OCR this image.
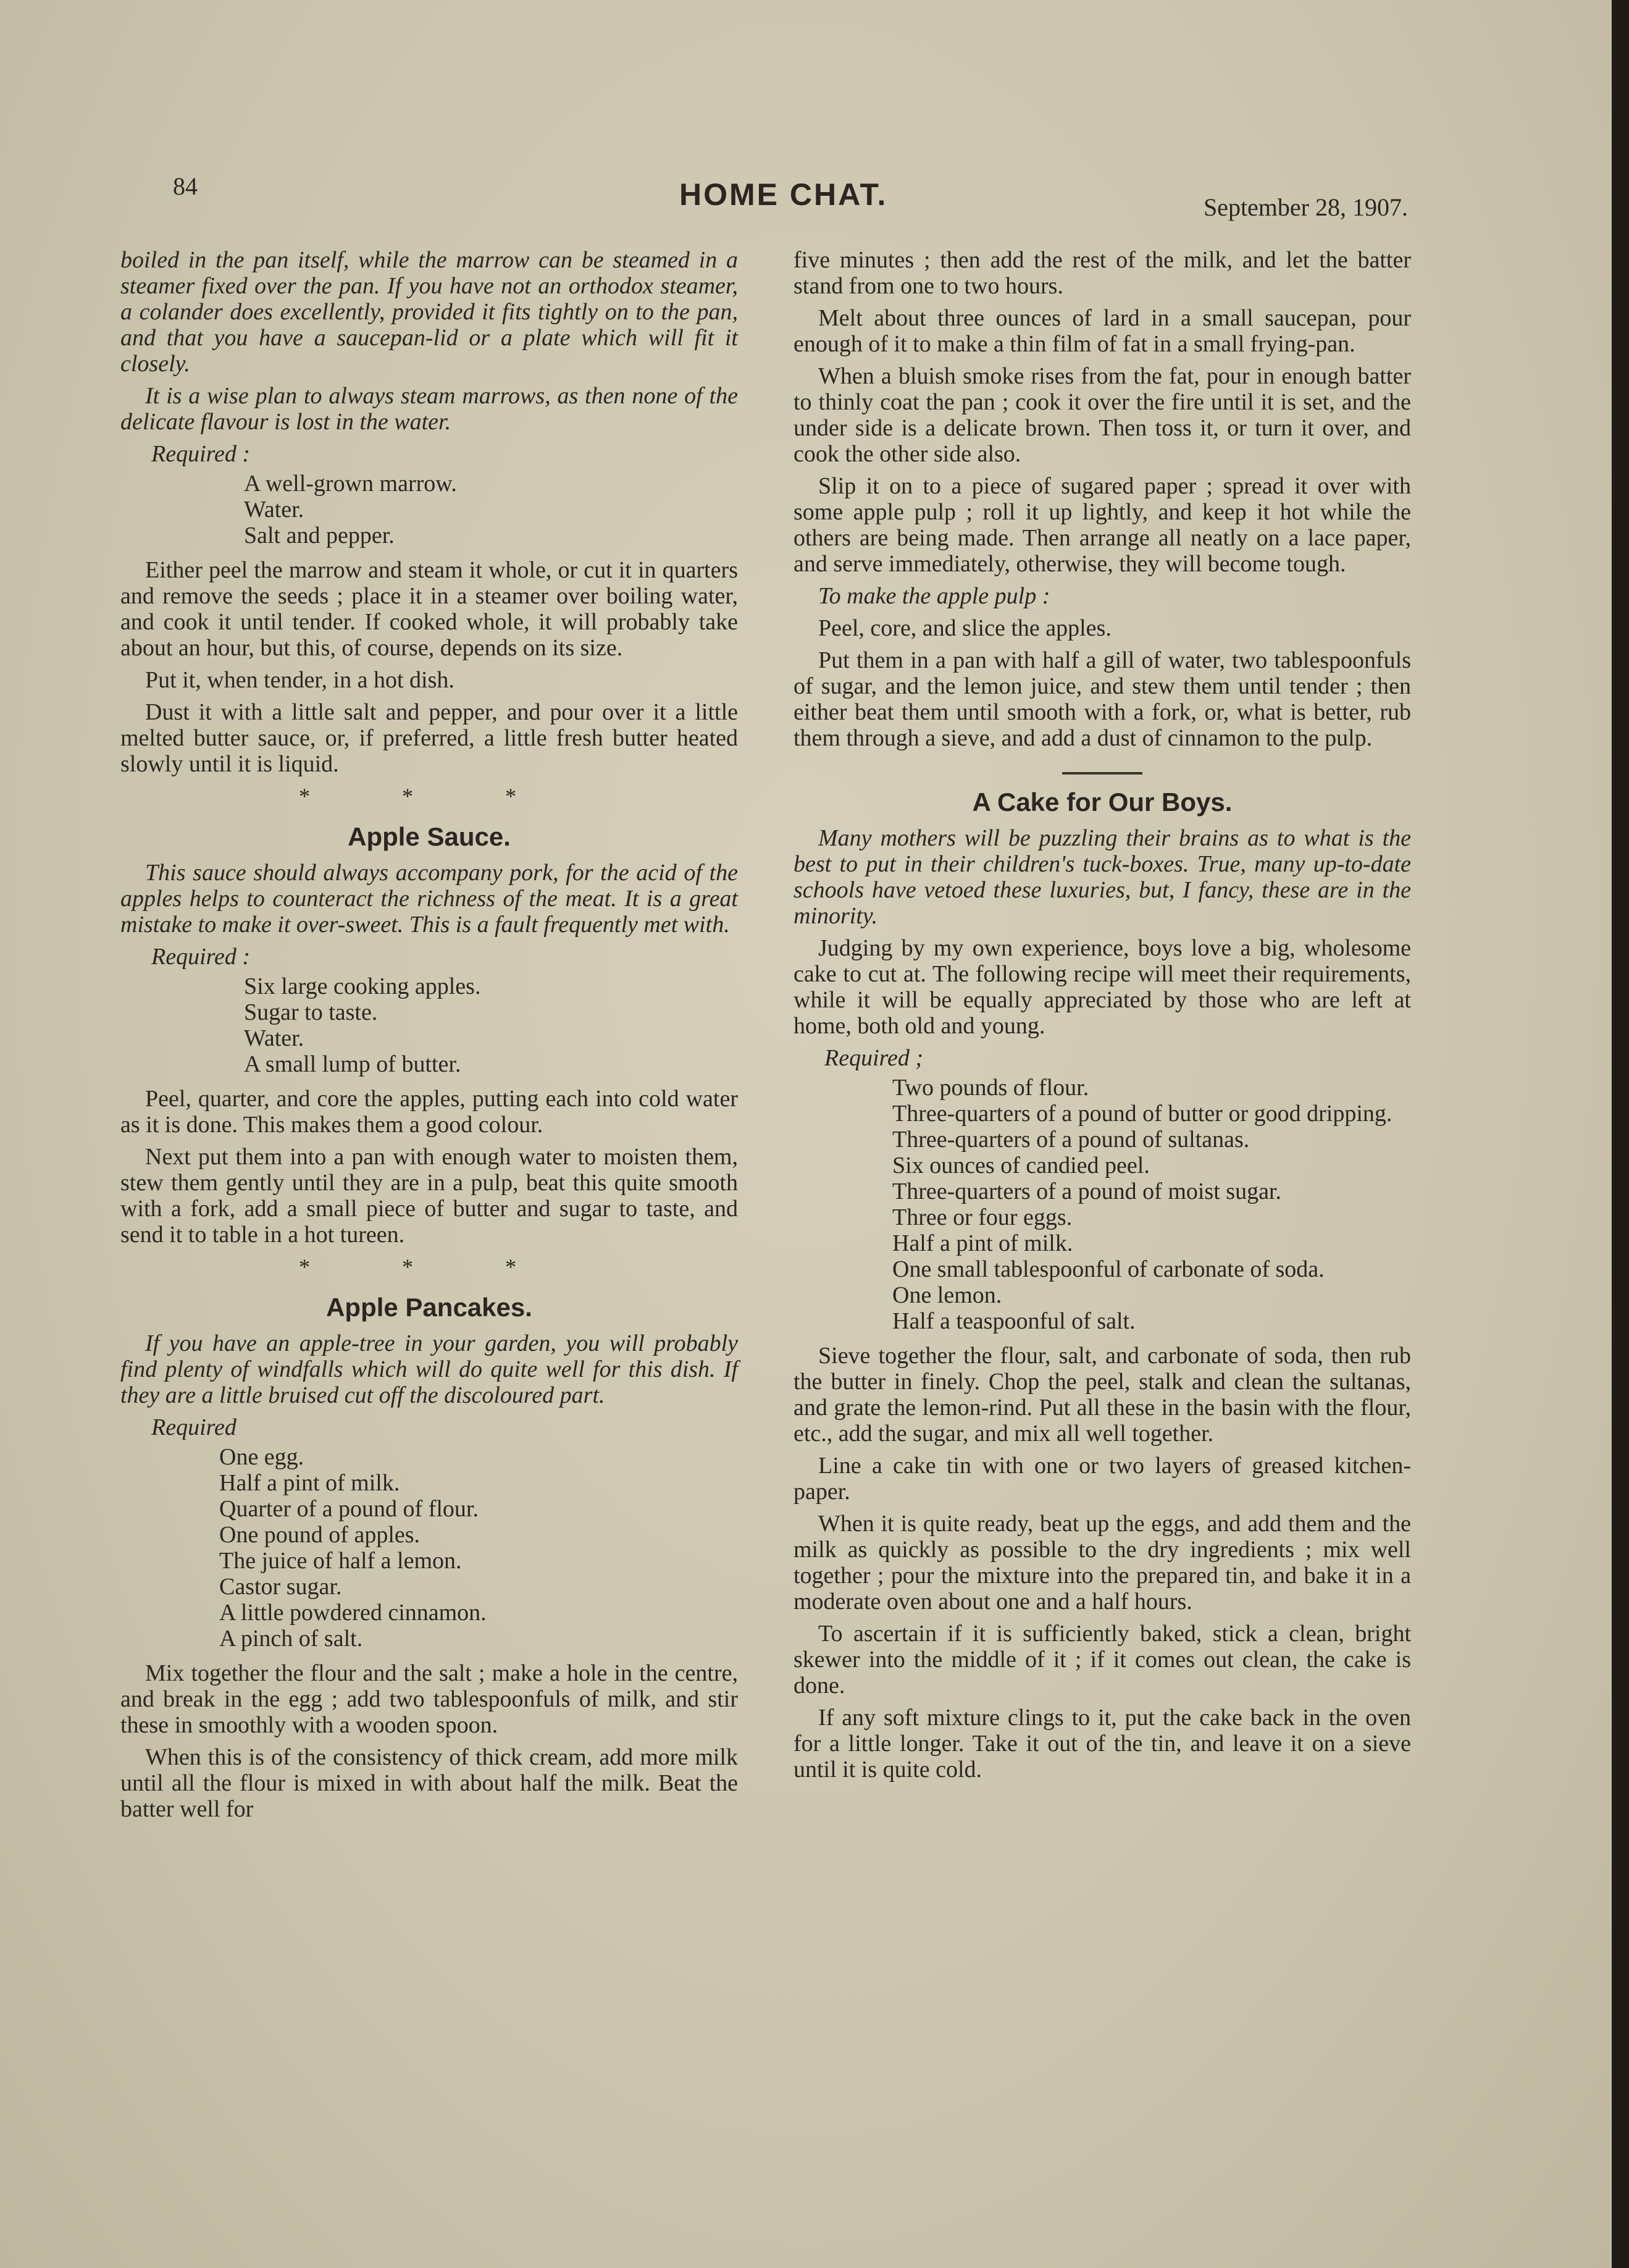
84	HOME CHAT.	September 28, 1907.

boiled in the pan itself, while the marrow can be steamed in a steamer fixed over the pan. If you have not an orthodox steamer, a colander does excellently, provided it fits tightly on to the pan, and that you have a saucepan-lid or a plate which will fit it closely.

It is a wise plan to always steam marrows, as then none of the delicate flavour is lost in the water.

Required :

A well-grown marrow.
Water.
Salt and pepper.

Either peel the marrow and steam it whole, or cut it in quarters and remove the seeds ; place it in a steamer over boiling water, and cook it until tender. If cooked whole, it will probably take about an hour, but this, of course, depends on its size.

Put it, when tender, in a hot dish.

Dust it with a little salt and pepper, and pour over it a little melted butter sauce, or, if preferred, a little fresh butter heated slowly until it is liquid.

* * *
Apple Sauce.

This sauce should always accompany pork, for the acid of the apples helps to counteract the richness of the meat. It is a great mistake to make it over-sweet. This is a fault frequently met with.

Required :

Six large cooking apples.
Sugar to taste.
Water.
A small lump of butter.

Peel, quarter, and core the apples, putting each into cold water as it is done. This makes them a good colour.

Next put them into a pan with enough water to moisten them, stew them gently until they are in a pulp, beat this quite smooth with a fork, add a small piece of butter and sugar to taste, and send it to table in a hot tureen.

* * *
Apple Pancakes.

If you have an apple-tree in your garden, you will probably find plenty of windfalls which will do quite well for this dish. If they are a little bruised cut off the discoloured part.

Required

One egg.
Half a pint of milk.
Quarter of a pound of flour.
One pound of apples.
The juice of half a lemon.
Castor sugar.
A little powdered cinnamon.
A pinch of salt.

Mix together the flour and the salt ; make a hole in the centre, and break in the egg ; add two tablespoonfuls of milk, and stir these in smoothly with a wooden spoon.

When this is of the consistency of thick cream, add more milk until all the flour is mixed in with about half the milk. Beat the batter well for

five minutes ; then add the rest of the milk, and let the batter stand from one to two hours.

Melt about three ounces of lard in a small saucepan, pour enough of it to make a thin film of fat in a small frying-pan.

When a bluish smoke rises from the fat, pour in enough batter to thinly coat the pan ; cook it over the fire until it is set, and the under side is a delicate brown. Then toss it, or turn it over, and cook the other side also.

Slip it on to a piece of sugared paper ; spread it over with some apple pulp ; roll it up lightly, and keep it hot while the others are being made. Then arrange all neatly on a lace paper, and serve immediately, otherwise, they will become tough.

To make the apple pulp :

Peel, core, and slice the apples.

Put them in a pan with half a gill of water, two tablespoonfuls of sugar, and the lemon juice, and stew them until tender ; then either beat them until smooth with a fork, or, what is better, rub them through a sieve, and add a dust of cinnamon to the pulp.

A Cake for Our Boys.

Many mothers will be puzzling their brains as to what is the best to put in their children's tuck-boxes. True, many up-to-date schools have vetoed these luxuries, but, I fancy, these are in the minority.

Judging by my own experience, boys love a big, wholesome cake to cut at. The following recipe will meet their requirements, while it will be equally appreciated by those who are left at home, both old and young.

Required ;

Two pounds of flour.
Three-quarters of a pound of butter or good dripping.
Three-quarters of a pound of sultanas.
Six ounces of candied peel.
Three-quarters of a pound of moist sugar.
Three or four eggs.
Half a pint of milk.
One small tablespoonful of carbonate of soda.
One lemon.
Half a teaspoonful of salt.

Sieve together the flour, salt, and carbonate of soda, then rub the butter in finely. Chop the peel, stalk and clean the sultanas, and grate the lemon-rind. Put all these in the basin with the flour, etc., add the sugar, and mix all well together.

Line a cake tin with one or two layers of greased kitchen-paper.

When it is quite ready, beat up the eggs, and add them and the milk as quickly as possible to the dry ingredients ; mix well together ; pour the mixture into the prepared tin, and bake it in a moderate oven about one and a half hours.

To ascertain if it is sufficiently baked, stick a clean, bright skewer into the middle of it ; if it comes out clean, the cake is done.

If any soft mixture clings to it, put the cake back in the oven for a little longer. Take it out of the tin, and leave it on a sieve until it is quite cold.
